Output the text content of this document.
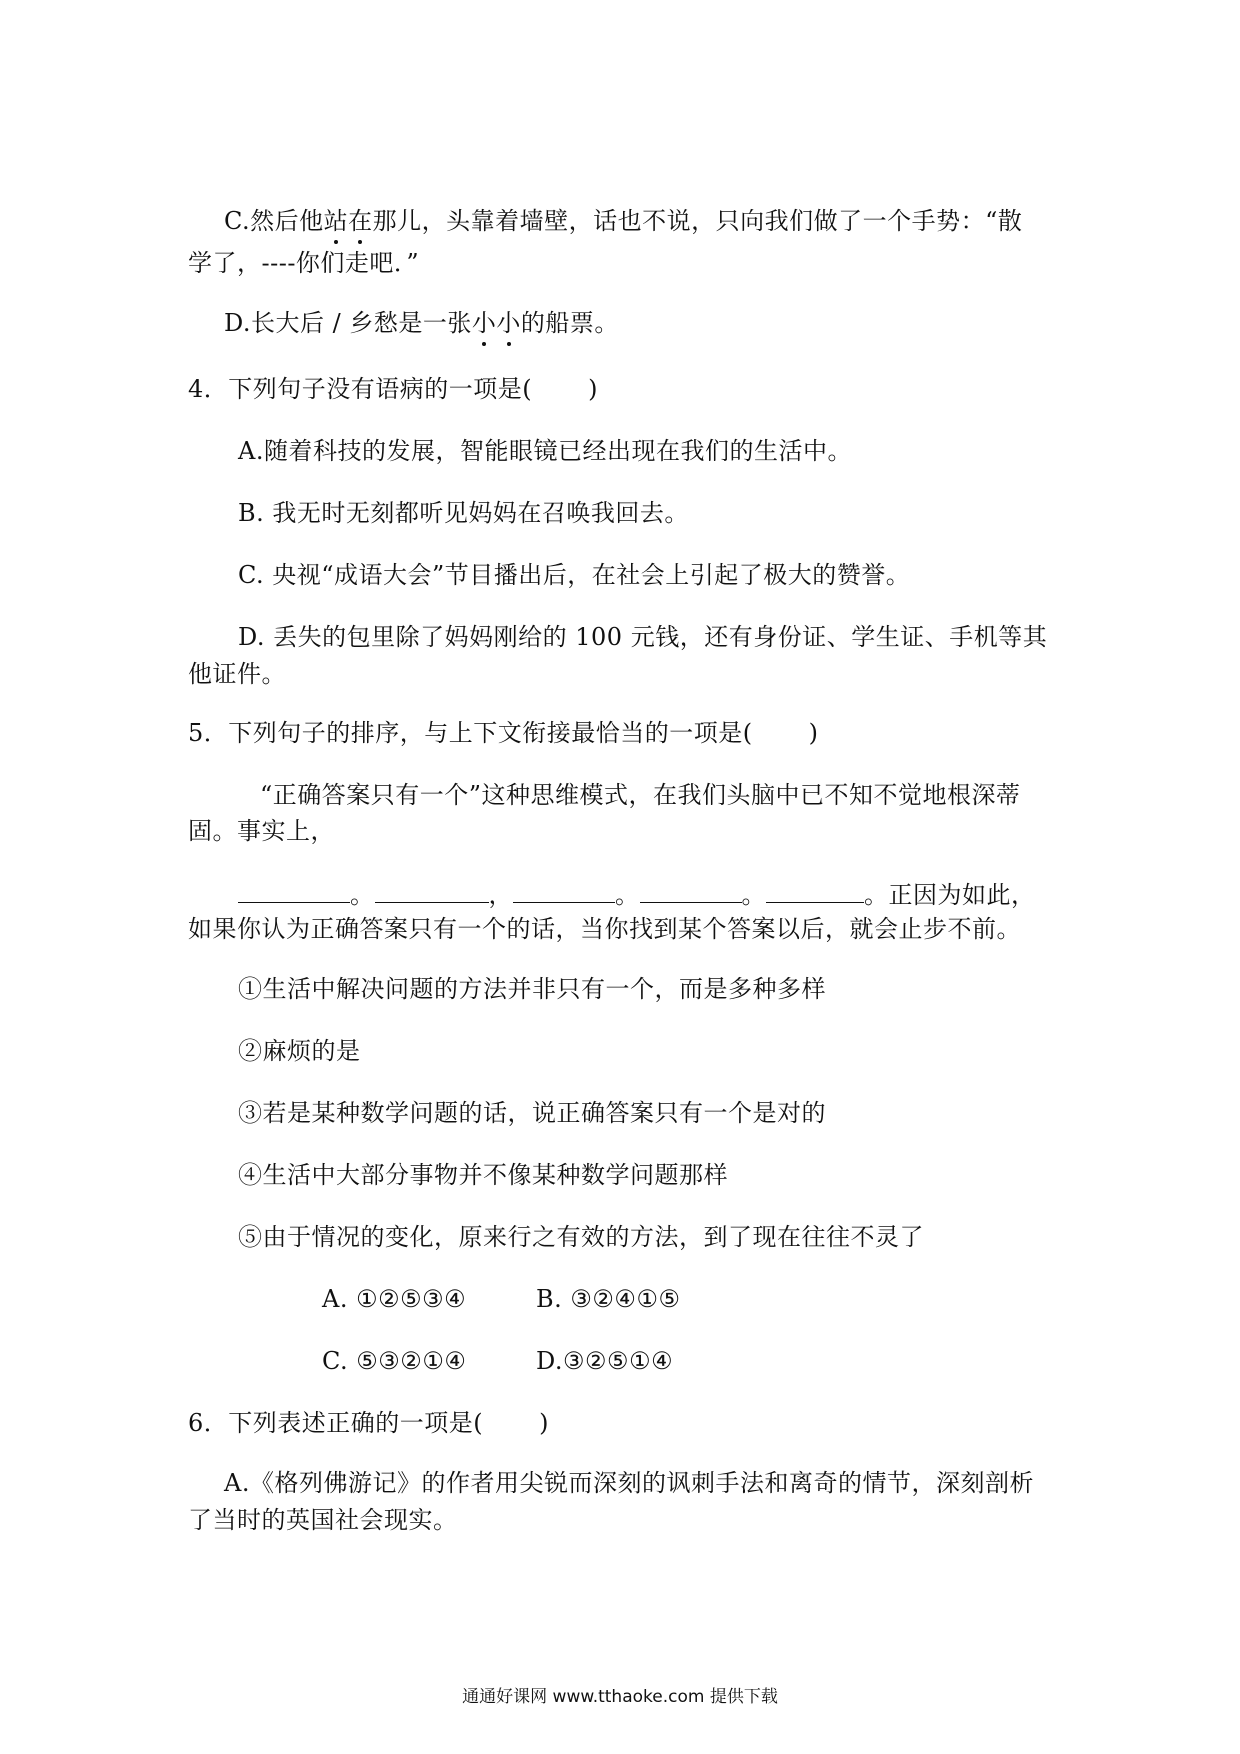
C.然后他站在那儿，头靠着墙壁，话也不说，只向我们做了一个手势：“散
学了，----你们走吧．”
D.长大后 / 乡愁是一张小小的船票。
4．下列句子没有语病的一项是( )
A.随着科技的发展，智能眼镜已经出现在我们的生活中。
B. 我无时无刻都听见妈妈在召唤我回去。
C. 央视“成语大会”节目播出后，在社会上引起了极大的赞誉。
D. 丢失的包里除了妈妈刚给的 100 元钱，还有身份证、学生证、手机等其
他证件。
5．下列句子的排序，与上下文衔接最恰当的一项是( )
“正确答案只有一个”这种思维模式，在我们头脑中已不知不觉地根深蒂
固。事实上，
。	，	。	。	。正因为如此，
如果你认为正确答案只有一个的话，当你找到某个答案以后，就会止步不前。
①生活中解决问题的方法并非只有一个，而是多种多样
②麻烦的是
③若是某种数学问题的话，说正确答案只有一个是对的
④生活中大部分事物并不像某种数学问题那样
⑤由于情况的变化，原来行之有效的方法，到了现在往往不灵了
A. ①②⑤③④	B. ③②④①⑤
C. ⑤③②①④	D.③②⑤①④
6．下列表述正确的一项是( )
A.《格列佛游记》的作者用尖锐而深刻的讽刺手法和离奇的情节，深刻剖析
了当时的英国社会现实。
通通好课网 www.tthaoke.com 提供下载
